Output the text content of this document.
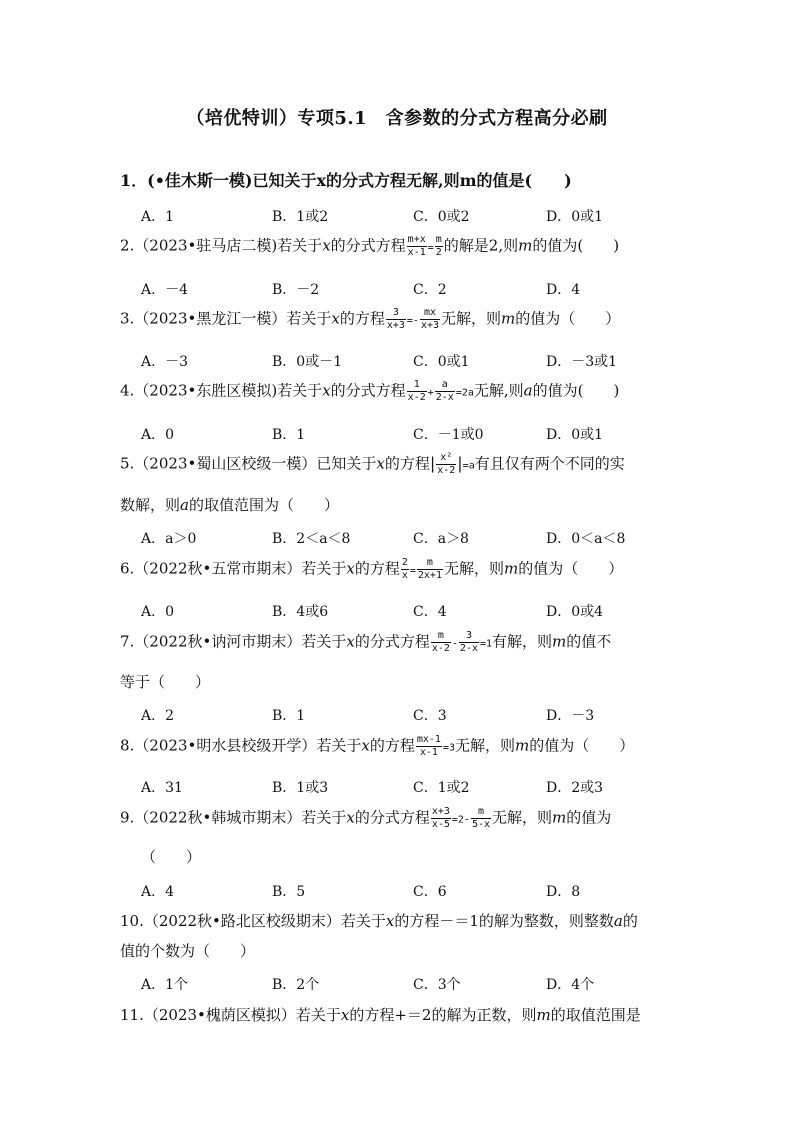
（培优特训）专项5.1　含参数的分式方程高分必刷
1．(•佳木斯一模)已知关于x的分式方程无解,则m的值是(　　)
A．1	B．1或2	C．0或2	D．0或1
2.（2023•驻马店二模)若关于x的分式方程 $\frac{m+x}{x-1} = \frac{m}{2}$ 的解是2,则m的值为(　　)
A．－4	B．－2	C．2	D．4
3.（2023•黑龙江一模）若关于x的方程 $\frac{3}{x+3} =- \frac{mx}{x+3}$ 无解，则m的值为（　　）
A．－3	B．0或－1	C．0或1	D．－3或1
4.（2023•东胜区模拟)若关于x的分式方程 $\frac{1}{x-2} + \frac{a}{2-x} =2a$无解,则a的值为(　　)
A．0	B．1	C．－1或0	D．0或1
5.（2023•蜀山区校级一模）已知关于x的方程| $\frac{\text{x²}}{x-2} |=a$有且仅有两个不同的实
数解，则a的取值范围为（　　）
A．a＞0	B．2＜a＜8	C．a＞8	D．0＜a＜8
6.（2022秋•五常市期末）若关于x的方程 $\frac{2}{x} = \frac{m}{2x+1}$ 无解，则m的值为（　　）
A．0	B．4或6	C．4	D．0或4
7.（2022秋•讷河市期末）若关于x的分式方程 $\frac{m}{x-2} - \frac{3}{2-x} =1$有解，则m的值不
等于（　　）
A．2	B．1	C．3	D．－3
8.（2023•明水县校级开学）若关于x的方程 $\frac{mx-1}{x-1} =3$无解，则m的值为（　　）
A．31	B．1或3	C．1或2	D．2或3
9.（2022秋•韩城市期末）若关于x的分式方程 $\frac{x+3}{x-5} =2- \frac{m}{5-x}$ 无解，则m的值为
（　　）
A．4	B．5	C．6	D．8
10.（2022秋•路北区校级期末）若关于x的方程－＝1的解为整数，则整数a的
值的个数为（　　）
A．1个	B．2个	C．3个	D．4个
11.（2023•槐荫区模拟）若关于x的方程+＝2的解为正数，则m的取值范围是
